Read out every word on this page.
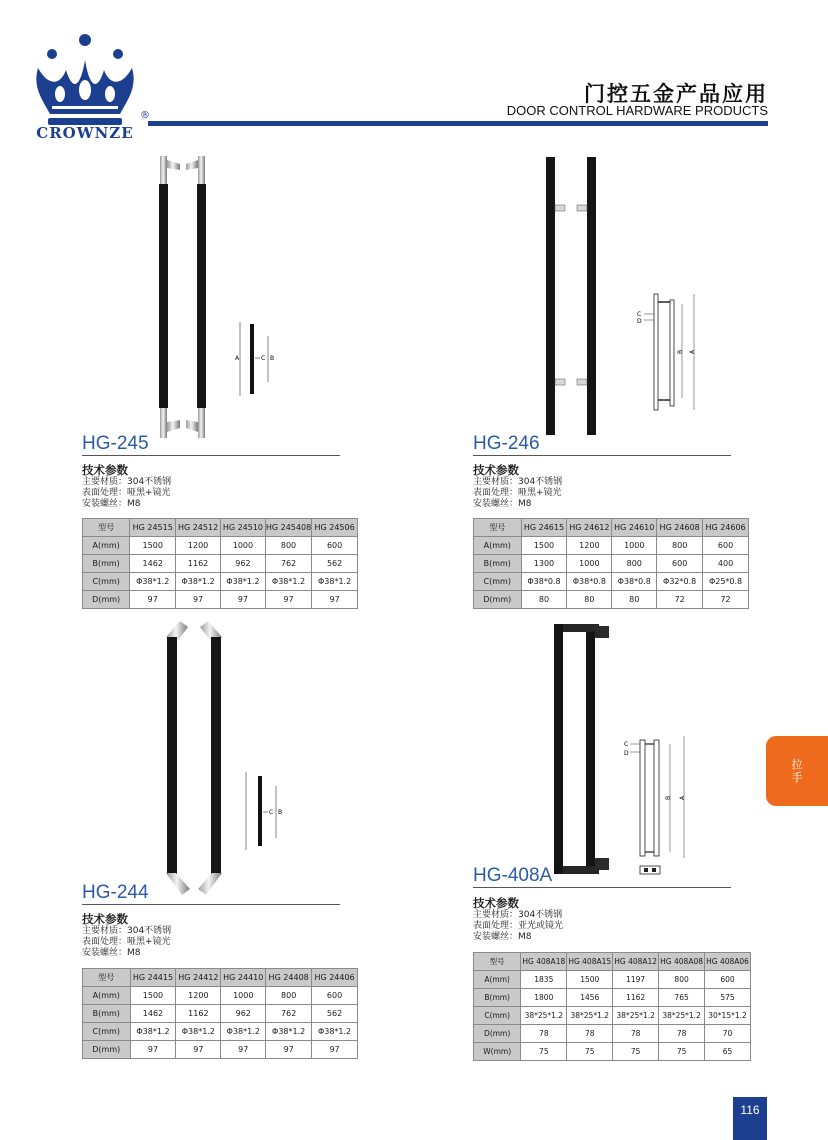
CROWNZE
®
门控五金产品应用
DOOR CONTROL HARDWARE PRODUCTS
A	C B
HG-245
技术参数
主要材质：304不锈钢
表面处理：哑黑+镜光
安装螺丝：M8
型号	HG 24515	HG 24512	HG 24510	HG 245408	HG 24506
A(mm)	1500	1200	1000	800	600
B(mm)	1462	1162	962	762	562
C(mm)	Φ38*1.2	Φ38*1.2	Φ38*1.2	Φ38*1.2	Φ38*1.2
D(mm)	97	97	97	97	97
C
D
B A
HG-246
技术参数
主要材质：304不锈钢
表面处理：哑黑+镜光
安装螺丝：M8
型号	HG 24615	HG 24612	HG 24610	HG 24608	HG 24606
A(mm)	1500	1200	1000	800	600
B(mm)	1300	1000	800	600	400
C(mm)	Φ38*0.8	Φ38*0.8	Φ38*0.8	Φ32*0.8	Φ25*0.8
D(mm)	80	80	80	72	72
C B
HG-244
技术参数
主要材质：304不锈钢
表面处理：哑黑+镜光
安装螺丝：M8
型号	HG 24415	HG 24412	HG 24410	HG 24408	HG 24406
A(mm)	1500	1200	1000	800	600
B(mm)	1462	1162	962	762	562
C(mm)	Φ38*1.2	Φ38*1.2	Φ38*1.2	Φ38*1.2	Φ38*1.2
D(mm)	97	97	97	97	97
C
D
B A
HG-408A
技术参数
主要材质：304不锈钢
表面处理：亚光或镜光
安装螺丝：M8
型号	HG 408A18	HG 408A15	HG 408A12	HG 408A08	HG 408A06
A(mm)	1835	1500	1197	800	600
B(mm)	1800	1456	1162	765	575
C(mm)	38*25*1.2	38*25*1.2	38*25*1.2	38*25*1.2	30*15*1.2
D(mm)	78	78	78	78	70
W(mm)	75	75	75	75	65
拉
手
116
